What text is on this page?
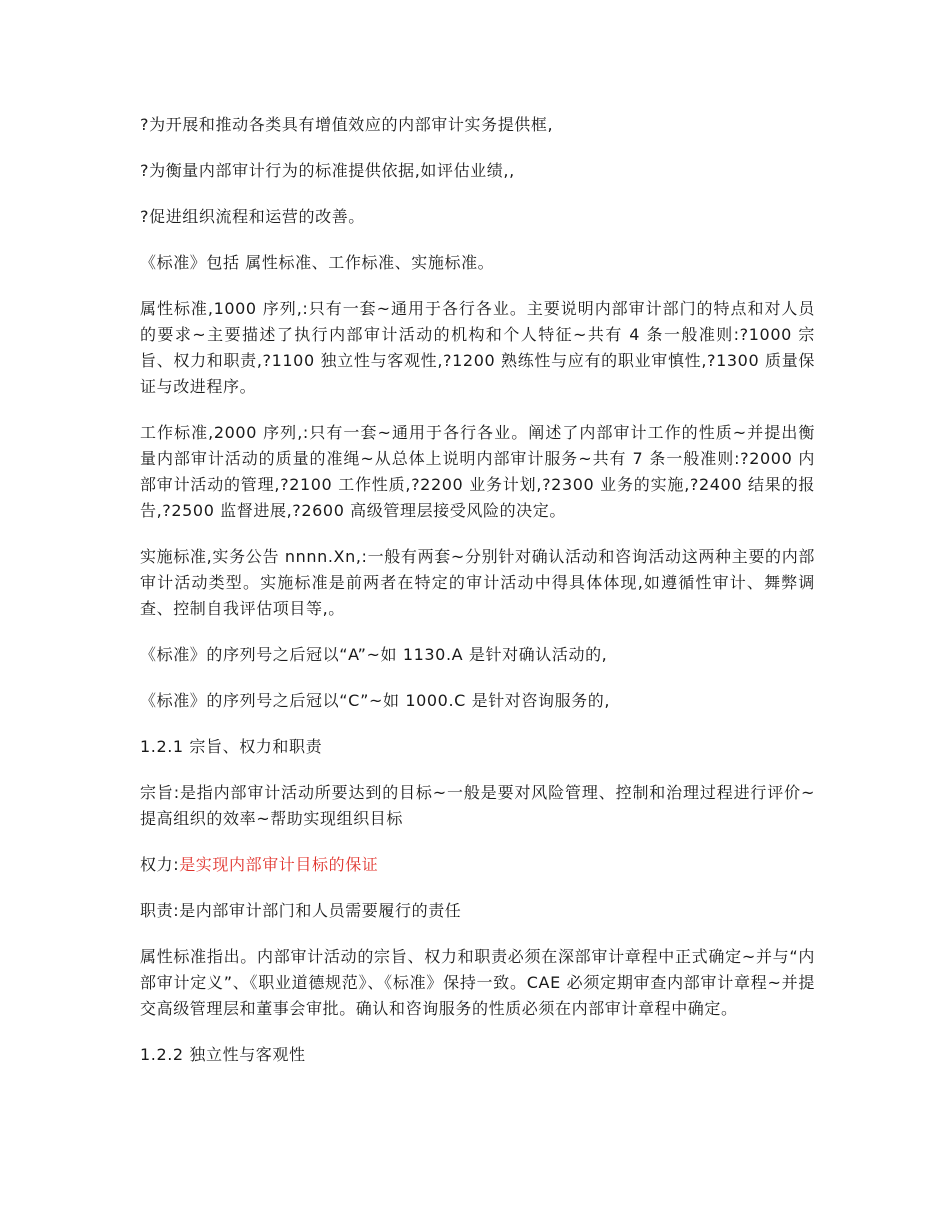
?为开展和推动各类具有增值效应的内部审计实务提供框,

?为衡量内部审计行为的标准提供依据,如评估业绩,,

?促进组织流程和运营的改善。

《标准》包括 属性标准、工作标准、实施标准。

属性标准,1000 序列,:只有一套~通用于各行各业。主要说明内部审计部门的特点和对人员的要求~主要描述了执行内部审计活动的机构和个人特征~共有 4 条一般准则:?1000 宗旨、权力和职责,?1100 独立性与客观性,?1200 熟练性与应有的职业审慎性,?1300 质量保证与改进程序。

工作标准,2000 序列,:只有一套~通用于各行各业。阐述了内部审计工作的性质~并提出衡量内部审计活动的质量的准绳~从总体上说明内部审计服务~共有 7 条一般准则:?2000 内部审计活动的管理,?2100 工作性质,?2200 业务计划,?2300 业务的实施,?2400 结果的报告,?2500 监督进展,?2600 高级管理层接受风险的决定。

实施标准,实务公告 nnnn.Xn,:一般有两套~分别针对确认活动和咨询活动这两种主要的内部审计活动类型。实施标准是前两者在特定的审计活动中得具体体现,如遵循性审计、舞弊调查、控制自我评估项目等,。

《标准》的序列号之后冠以“A”~如 1130.A 是针对确认活动的,

《标准》的序列号之后冠以“C”~如 1000.C 是针对咨询服务的,

1.2.1 宗旨、权力和职责

宗旨:是指内部审计活动所要达到的目标~一般是要对风险管理、控制和治理过程进行评价~提高组织的效率~帮助实现组织目标

权力:是实现内部审计目标的保证

职责:是内部审计部门和人员需要履行的责任

属性标准指出。内部审计活动的宗旨、权力和职责必须在深部审计章程中正式确定~并与“内部审计定义”、《职业道德规范》、《标准》保持一致。CAE 必须定期审查内部审计章程~并提交高级管理层和董事会审批。确认和咨询服务的性质必须在内部审计章程中确定。

1.2.2 独立性与客观性
